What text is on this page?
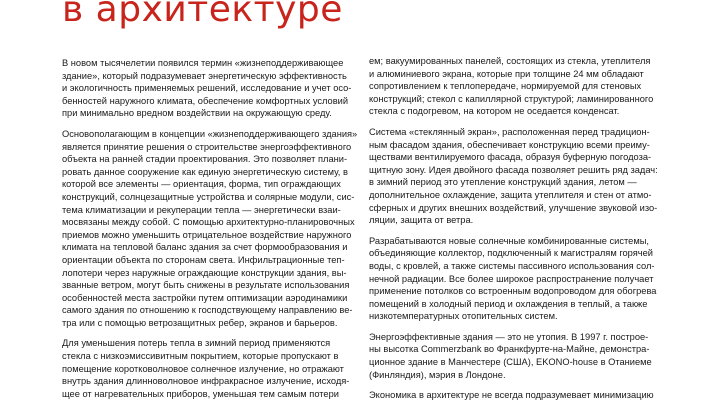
в архитектуре
В новом тысячелетии появился термин «жизнеподдерживающее
здание», который подразумевает энергетическую эффективность
и экологичность применяемых решений, исследование и учет осо-
бенностей наружного климата, обеспечение комфортных условий
при минимально вредном воздействии на окружающую среду.
Основополагающим в концепции «жизнеподдерживающего здания»
является принятие решения о строительстве энергоэффективного
объекта на ранней стадии проектирования. Это позволяет плани-
ровать данное сооружение как единую энергетическую систему, в
которой все элементы — ориентация, форма, тип ограждающих
конструкций, солнцезащитные устройства и солярные модули, сис-
тема климатизации и рекуперации тепла — энергетически взаи-
мосвязаны между собой. С помощью архитектурно-планировочных
приемов можно уменьшить отрицательное воздействие наружного
климата на тепловой баланс здания за счет формообразования и
ориентации объекта по сторонам света. Инфильтрационные теп-
лопотери через наружные ограждающие конструкции здания, вы-
званные ветром, могут быть снижены в результате использования
особенностей места застройки путем оптимизации аэродинамики
самого здания по отношению к господствующему направлению ве-
тра или с помощью ветрозащитных ребер, экранов и барьеров.
Для уменьшения потерь тепла в зимний период применяются
стекла с низкоэмиссивитным покрытием, которые пропускают в
помещение коротковолновое солнечное излучение, но отражают
внутрь здания длинноволновое инфракрасное излучение, исходя-
щее от нагревательных приборов, уменьшая тем самым потери
ем; вакуумированных панелей, состоящих из стекла, утеплителя
и алюминиевого экрана, которые при толщине 24 мм обладают
сопротивлением к теплопередаче, нормируемой для стеновых
конструкций; стекол с капиллярной структурой; ламинированного
стекла с подогревом, на котором не оседается конденсат.
Система «стеклянный экран», расположенная перед традицион-
ным фасадом здания, обеспечивает конструкцию всеми преиму-
ществами вентилируемого фасада, образуя буферную погодоза-
щитную зону. Идея двойного фасада позволяет решить ряд задач:
в зимний период это утепление конструкций здания, летом —
дополнительное охлаждение, защита утеплителя и стен от атмо-
сферных и других внешних воздействий, улучшение звуковой изо-
ляции, защита от ветра.
Разрабатываются новые солнечные комбинированные системы,
объединяющие коллектор, подключенный к магистралям горячей
воды, с кровлей, а также системы пассивного использования сол-
нечной радиации. Все более широкое распространение получает
применение потолков со встроенным водопроводом для обогрева
помещений в холодный период и охлаждения в теплый, а также
низкотемпературных отопительных систем.
Энергоэффективные здания — это не утопия. В 1997 г. построе-
ны высотка Commerzbank во Франкфурте-на-Майне, демонстра-
ционное здание в Манчестере (США), EKONO-house в Отаниеме
(Финляндия), мэрия в Лондоне.
Экономика в архитектуре не всегда подразумевает минимизацию
